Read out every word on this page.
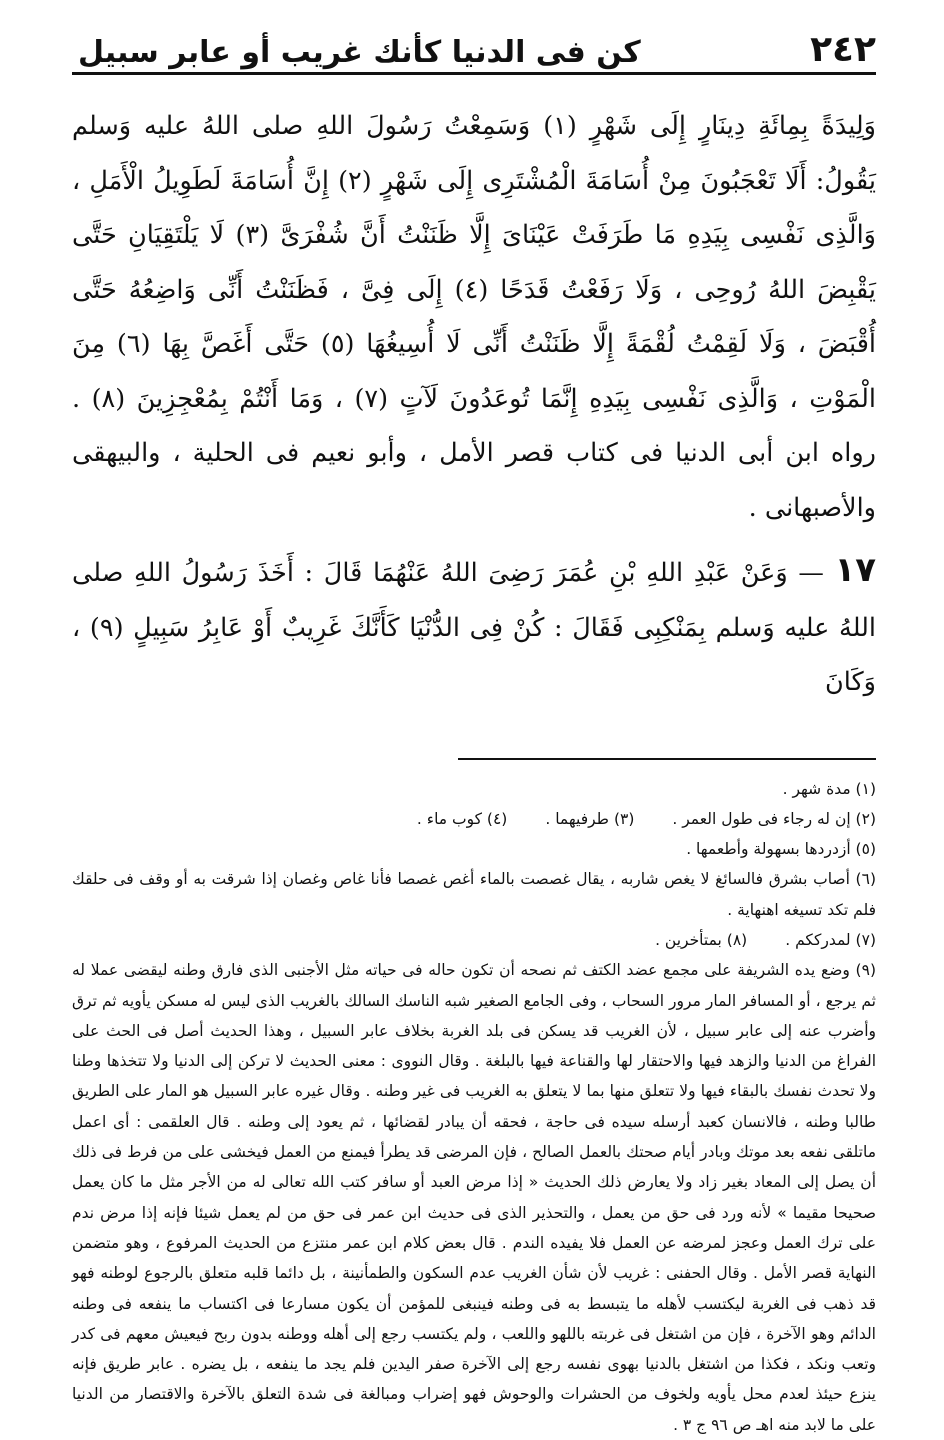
٢٤٢
كن فى الدنيا كأنك غريب أو عابر سبيل

وَلِيدَةً بِمِائَةِ دِينَارٍ إِلَى شَهْرٍ (١) وَسَمِعْتُ رَسُولَ اللهِ صلى اللهُ عليه وَسلم يَقُولُ: أَلَا تَعْجَبُونَ مِنْ أُسَامَةَ الْمُشْتَرِى إِلَى شَهْرٍ (٢) إِنَّ أُسَامَةَ لَطَوِيلُ الْأَمَلِ ، وَالَّذِى نَفْسِى بِيَدِهِ مَا طَرَفَتْ عَيْنَاىَ إِلَّا ظَنَنْتُ أَنَّ شُفْرَىَّ (٣) لَا يَلْتَقِيَانِ حَتَّى يَقْبِضَ اللهُ رُوحِى ، وَلَا رَفَعْتُ قَدَحًا (٤) إِلَى فِىَّ ، فَظَنَنْتُ أَنِّى وَاضِعُهُ حَتَّى أُقْبَضَ ، وَلَا لَقِمْتُ لُقْمَةً إِلَّا ظَنَنْتُ أَنِّى لَا أُسِيغُهَا (٥) حَتَّى أَغَصَّ بِهَا (٦) مِنَ الْمَوْتِ ، وَالَّذِى نَفْسِى بِيَدِهِ إِنَّمَا تُوعَدُونَ لَآتٍ (٧) ، وَمَا أَنْتُمْ بِمُعْجِزِينَ (٨) . رواه ابن أبى الدنيا فى كتاب قصر الأمل ، وأبو نعيم فى الحلية ، والبيهقى والأصبهانى .

١٧ — وَعَنْ عَبْدِ اللهِ بْنِ عُمَرَ رَضِىَ اللهُ عَنْهُمَا قَالَ : أَخَذَ رَسُولُ اللهِ صلى اللهُ عليه وَسلم بِمَنْكِبِى فَقَالَ : كُنْ فِى الدُّنْيَا كَأَنَّكَ غَرِيبٌ أَوْ عَابِرُ سَبِيلٍ (٩) ، وَكَانَ

(١) مدة شهر .
(٢) إن له رجاء فى طول العمر .(٣) طرفيهما .(٤) كوب ماء .
(٥) أزدردها بسهولة وأطعمها .

(٦) أصاب بشرق فالسائغ لا يغص شاربه ، يقال غصصت بالماء أغص غصصا فأنا غاص وغصان إذا شرقت به أو وقف فى حلقك فلم تكد تسيغه اهنهاية .

(٧) لمدرككم .(٨) بمتأخرين .

(٩) وضع يده الشريفة على مجمع عضد الكتف ثم نصحه أن تكون حاله فى حياته مثل الأجنبى الذى فارق وطنه ليقضى عملا له ثم يرجع ، أو المسافر المار مرور السحاب ، وفى الجامع الصغير شبه الناسك السالك بالغريب الذى ليس له مسكن يأويه ثم ترق وأضرب عنه إلى عابر سبيل ، لأن الغريب قد يسكن فى بلد الغربة بخلاف عابر السبيل ، وهذا الحديث أصل فى الحث على الفراغ من الدنيا والزهد فيها والاحتقار لها والقناعة فيها بالبلغة . وقال النووى : معنى الحديث لا تركن إلى الدنيا ولا تتخذها وطنا ولا تحدث نفسك بالبقاء فيها ولا تتعلق منها بما لا يتعلق به الغريب فى غير وطنه . وقال غيره عابر السبيل هو المار على الطريق طالبا وطنه ، فالانسان كعبد أرسله سيده فى حاجة ، فحقه أن يبادر لقضائها ، ثم يعود إلى وطنه . قال العلقمى : أى اعمل ماتلقى نفعه بعد موتك وبادر أيام صحتك بالعمل الصالح ، فإن المرضى قد يطرأ فيمنع من العمل فيخشى على من فرط فى ذلك أن يصل إلى المعاد بغير زاد ولا يعارض ذلك الحديث « إذا مرض العبد أو سافر كتب الله تعالى له من الأجر مثل ما كان يعمل صحيحا مقيما » لأنه ورد فى حق من يعمل ، والتحذير الذى فى حديث ابن عمر فى حق من لم يعمل شيئا فإنه إذا مرض ندم على ترك العمل وعجز لمرضه عن العمل فلا يفيده الندم . قال بعض كلام ابن عمر منتزع من الحديث المرفوع ، وهو متضمن النهاية قصر الأمل . وقال الحفنى : غريب لأن شأن الغريب عدم السكون والطمأنينة ، بل دائما قلبه متعلق بالرجوع لوطنه فهو قد ذهب فى الغربة ليكتسب لأهله ما يتبسط به فى وطنه فينبغى للمؤمن أن يكون مسارعا فى اكتساب ما ينفعه فى وطنه الدائم وهو الآخرة ، فإن من اشتغل فى غربته باللهو واللعب ، ولم يكتسب رجع إلى أهله ووطنه بدون ربح فيعيش معهم فى كدر وتعب ونكد ، فكذا من اشتغل بالدنيا بهوى نفسه رجع إلى الآخرة صفر اليدين فلم يجد ما ينفعه ، بل يضره . عابر طريق فإنه ينزع حيئذ لعدم محل يأويه ولخوف من الحشرات والوحوش فهو إضراب ومبالغة فى شدة التعلق بالآخرة والاقتصار من الدنيا على ما لابد منه اهـ ص ٩٦ ج ٣ .
